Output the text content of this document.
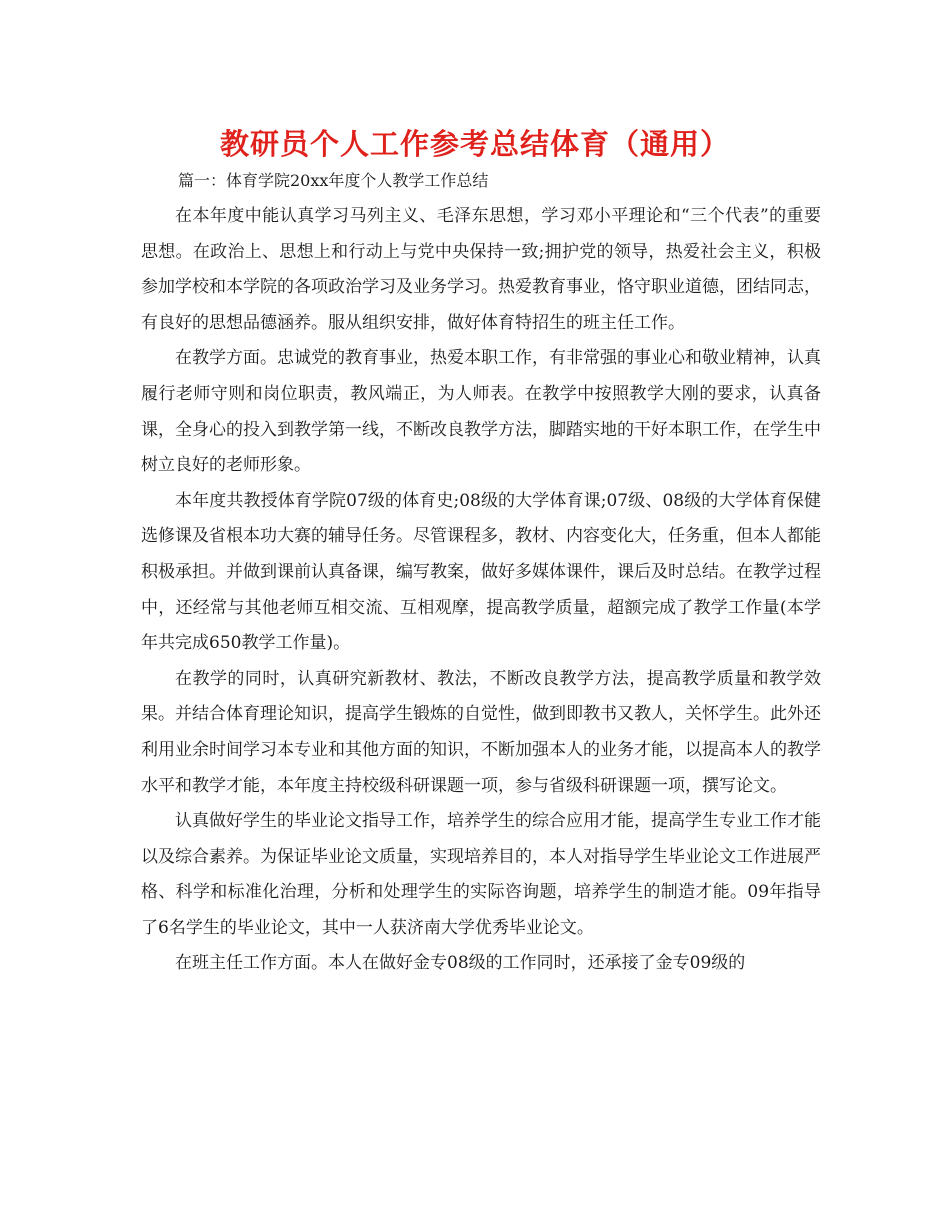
教研员个人工作参考总结体育（通用）
篇一：体育学院20xx年度个人教学工作总结

在本年度中能认真学习马列主义、毛泽东思想，学习邓小平理论和“三个代表”的重要思想。在政治上、思想上和行动上与党中央保持一致;拥护党的领导，热爱社会主义，积极参加学校和本学院的各项政治学习及业务学习。热爱教育事业，恪守职业道德，团结同志，有良好的思想品德涵养。服从组织安排，做好体育特招生的班主任工作。

在教学方面。忠诚党的教育事业，热爱本职工作，有非常强的事业心和敬业精神，认真履行老师守则和岗位职责，教风端正，为人师表。在教学中按照教学大刚的要求，认真备课，全身心的投入到教学第一线，不断改良教学方法，脚踏实地的干好本职工作，在学生中树立良好的老师形象。

本年度共教授体育学院07级的体育史;08级的大学体育课;07级、08级的大学体育保健选修课及省根本功大赛的辅导任务。尽管课程多，教材、内容变化大，任务重，但本人都能积极承担。并做到课前认真备课，编写教案，做好多媒体课件，课后及时总结。在教学过程中，还经常与其他老师互相交流、互相观摩，提高教学质量，超额完成了教学工作量(本学年共完成650教学工作量)。

在教学的同时，认真研究新教材、教法，不断改良教学方法，提高教学质量和教学效果。并结合体育理论知识，提高学生锻炼的自觉性，做到即教书又教人，关怀学生。此外还利用业余时间学习本专业和其他方面的知识，不断加强本人的业务才能，以提高本人的教学水平和教学才能，本年度主持校级科研课题一项，参与省级科研课题一项，撰写论文。

认真做好学生的毕业论文指导工作，培养学生的综合应用才能，提高学生专业工作才能以及综合素养。为保证毕业论文质量，实现培养目的，本人对指导学生毕业论文工作进展严格、科学和标准化治理，分析和处理学生的实际咨询题，培养学生的制造才能。09年指导了6名学生的毕业论文，其中一人获济南大学优秀毕业论文。

在班主任工作方面。本人在做好金专08级的工作同时，还承接了金专09级的
